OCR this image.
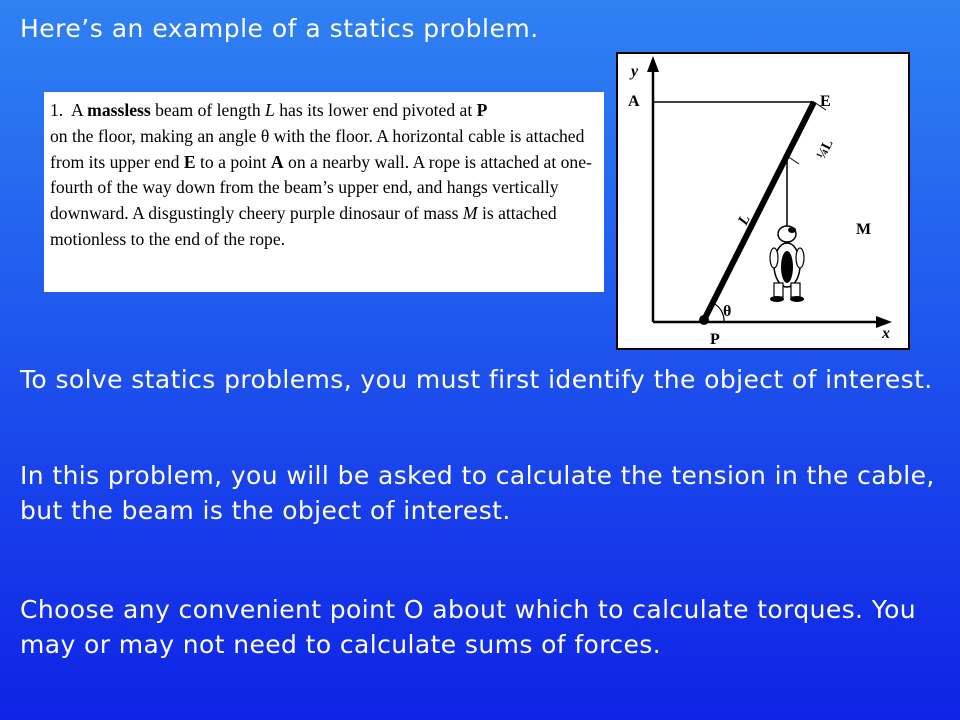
Here’s an example of a statics problem.
1. A massless beam of length L has its lower end pivoted at P
on the floor, making an angle θ with the floor. A horizontal cable is attached from its upper end E to a point A on a nearby wall. A rope is attached at one-fourth of the way down from the beam’s upper end, and hangs vertically downward. A disgustingly cheery purple dinosaur of mass M is attached motionless to the end of the rope.
y
x
A	E
P
θ
M
L
¼L
To solve statics problems, you must first identify the object of interest.
In this problem, you will be asked to calculate the tension in the cable, but the beam is the object of interest.
Choose any convenient point O about which to calculate torques. You may or may not need to calculate sums of forces.
